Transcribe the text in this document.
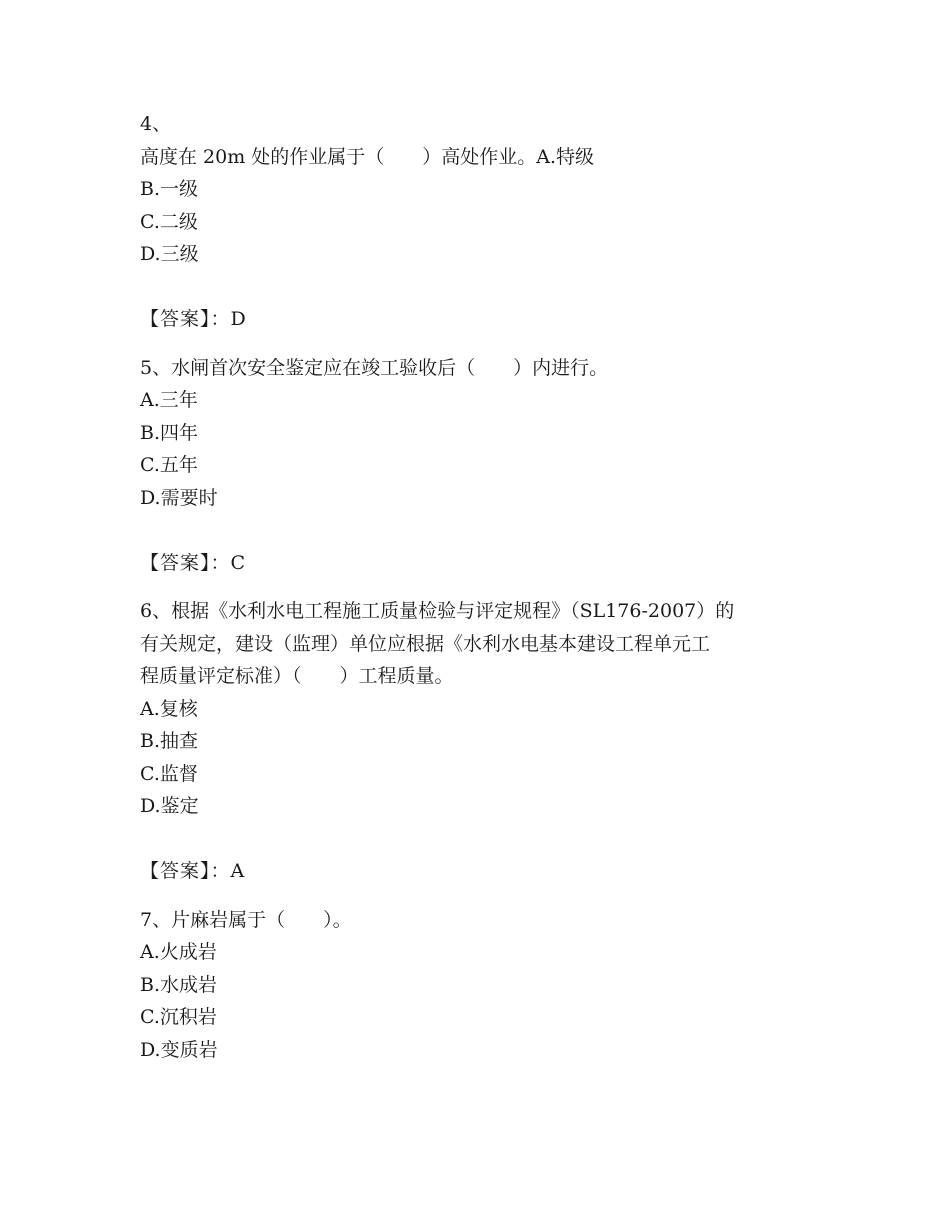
4、
高度在 20m 处的作业属于（　　）高处作业。A.特级
B.一级
C.二级
D.三级
【答案】：D
5、水闸首次安全鉴定应在竣工验收后（　　）内进行。
A.三年
B.四年
C.五年
D.需要时
【答案】：C
6、根据《水利水电工程施工质量检验与评定规程》（SL176-2007）的
有关规定，建设（监理）单位应根据《水利水电基本建设工程单元工
程质量评定标准）（　　）工程质量。
A.复核
B.抽查
C.监督
D.鉴定
【答案】：A
7、片麻岩属于（　　）。
A.火成岩
B.水成岩
C.沉积岩
D.变质岩
